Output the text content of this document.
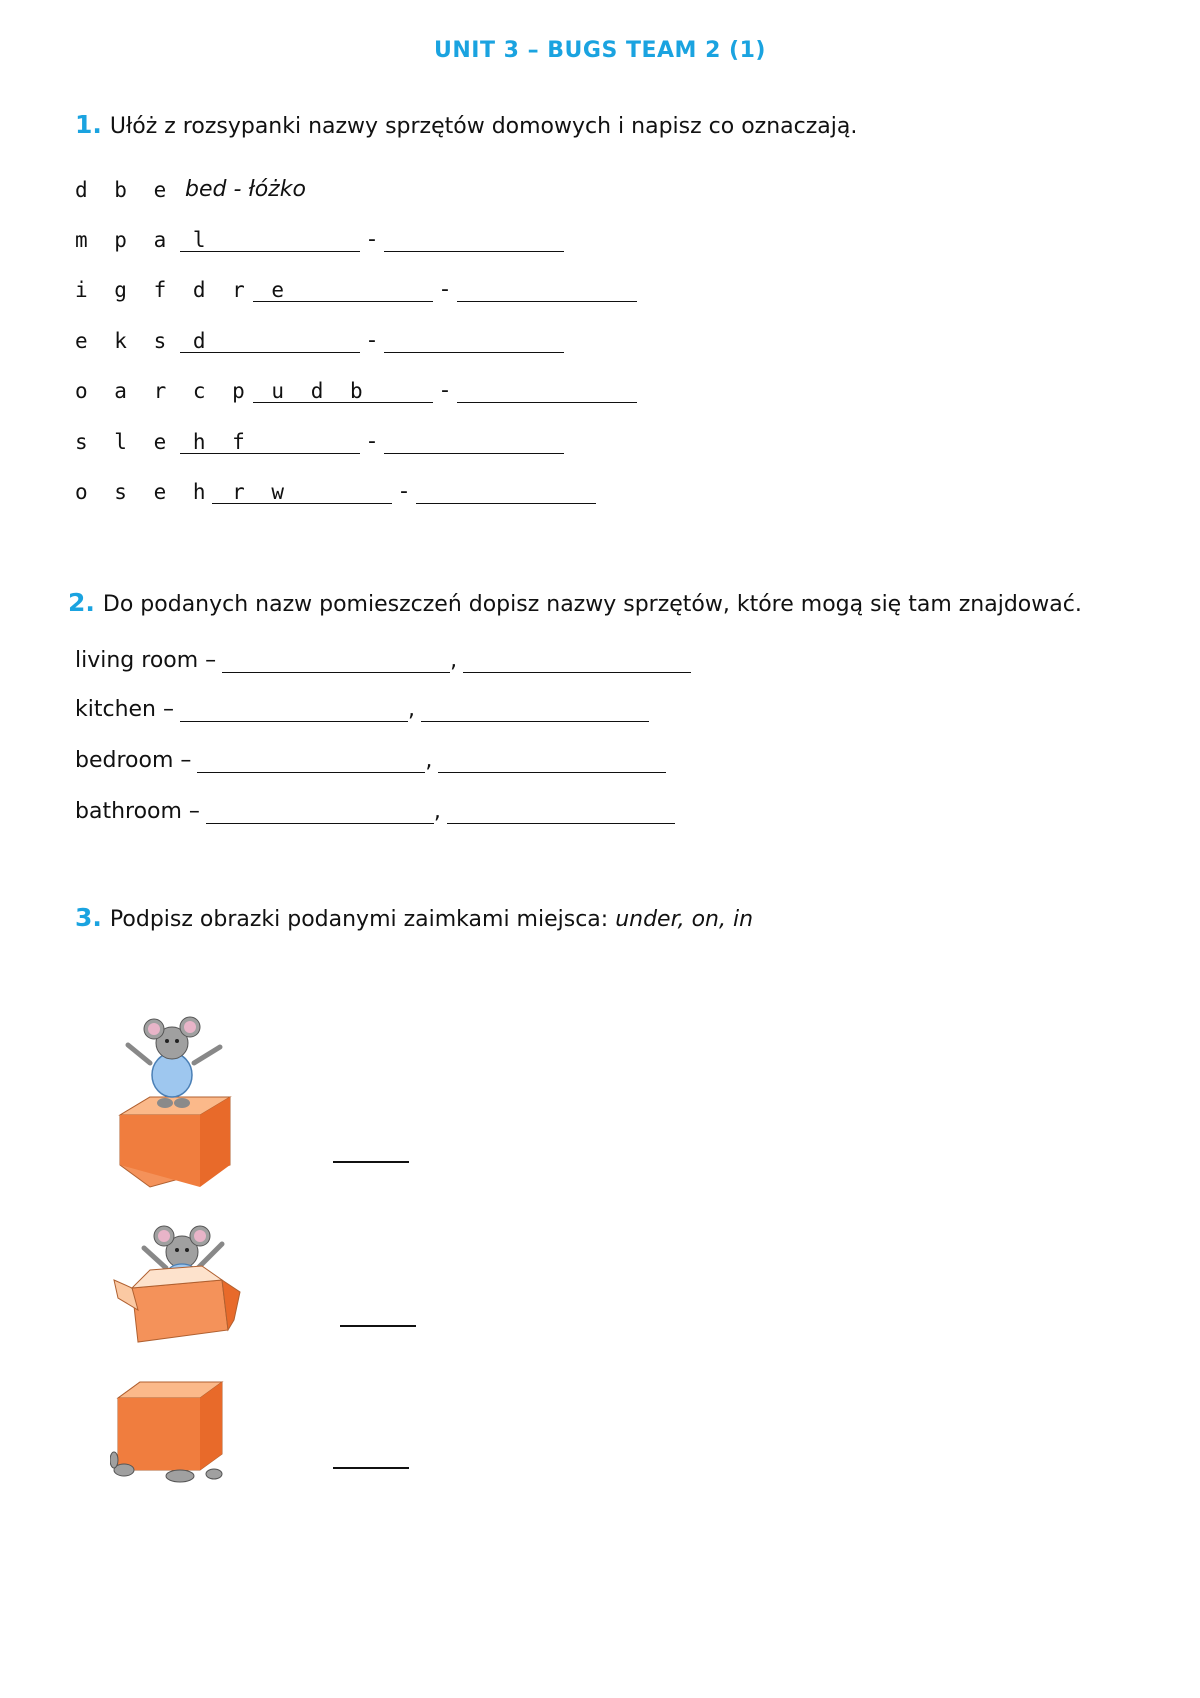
UNIT 3 – BUGS TEAM 2 (1)
1. Ułóż z rozsypanki nazwy sprzętów domowych i napisz co oznaczają.
d b e bed - łóżko
m p a l	-
i g f d r e	-
e k s d	-
o a r c p u d b	-
s l e h f	-
o s e h r w	-
2. Do podanych nazw pomieszczeń dopisz nazwy sprzętów, które mogą się tam znajdować.
living room –	,
kitchen –	,
bedroom –	,
bathroom –	,
3. Podpisz obrazki podanymi zaimkami miejsca: under, on, in
